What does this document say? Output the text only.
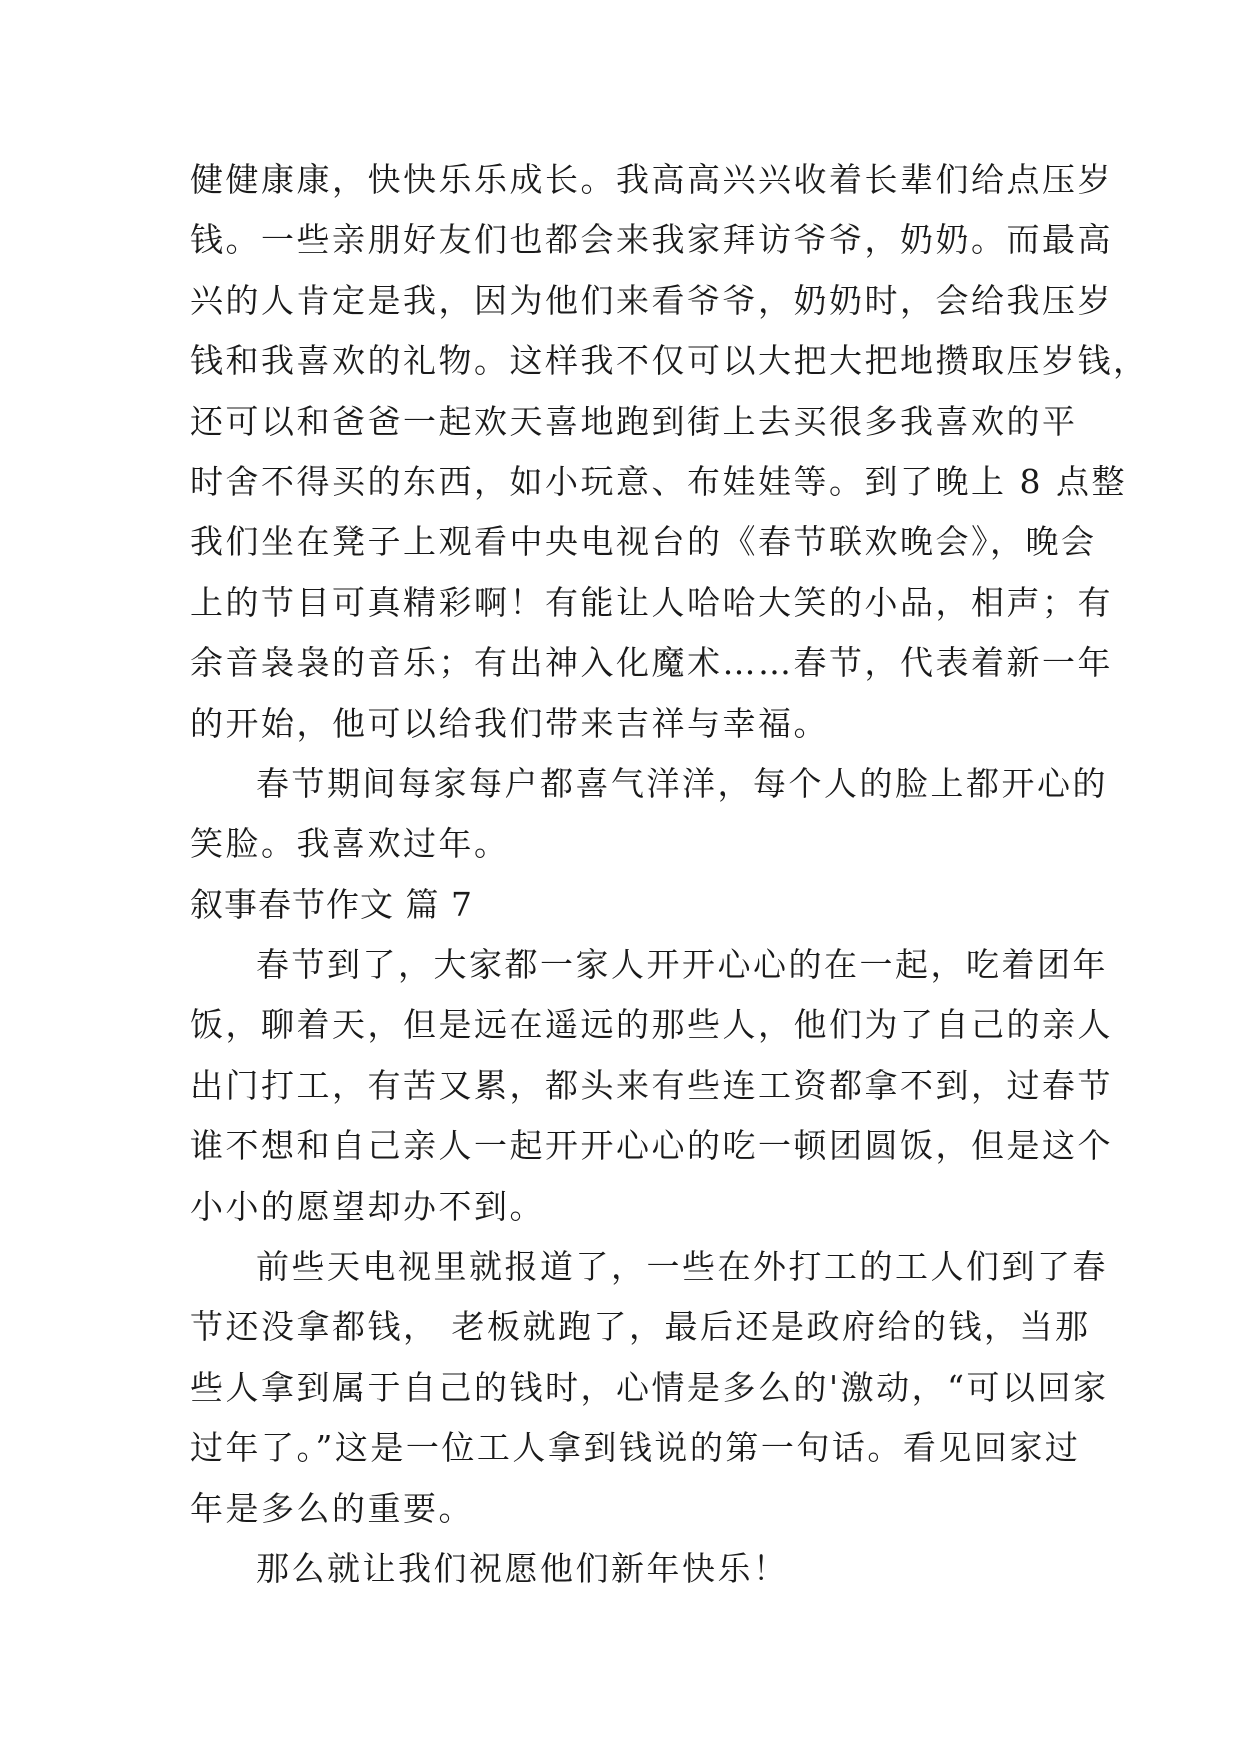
健健康康，快快乐乐成长。我高高兴兴收着长辈们给点压岁
钱。一些亲朋好友们也都会来我家拜访爷爷，奶奶。而最高
兴的人肯定是我，因为他们来看爷爷，奶奶时，会给我压岁
钱和我喜欢的礼物。这样我不仅可以大把大把地攒取压岁钱，
还可以和爸爸一起欢天喜地跑到街上去买很多我喜欢的平
时舍不得买的东西，如小玩意、布娃娃等。到了晚上 8 点整
我们坐在凳子上观看中央电视台的《春节联欢晚会》，晚会
上的节目可真精彩啊！有能让人哈哈大笑的小品，相声；有
余音袅袅的音乐；有出神入化魔术……春节，代表着新一年
的开始，他可以给我们带来吉祥与幸福。
春节期间每家每户都喜气洋洋，每个人的脸上都开心的
笑脸。我喜欢过年。
叙事春节作文 篇 7
春节到了，大家都一家人开开心心的在一起，吃着团年
饭，聊着天，但是远在遥远的那些人，他们为了自己的亲人
出门打工，有苦又累，都头来有些连工资都拿不到，过春节
谁不想和自己亲人一起开开心心的吃一顿团圆饭，但是这个
小小的愿望却办不到。
前些天电视里就报道了，一些在外打工的工人们到了春
节还没拿都钱， 老板就跑了，最后还是政府给的钱，当那
些人拿到属于自己的钱时，心情是多么的'激动，“可以回家
过年了。”这是一位工人拿到钱说的第一句话。看见回家过
年是多么的重要。
那么就让我们祝愿他们新年快乐！
